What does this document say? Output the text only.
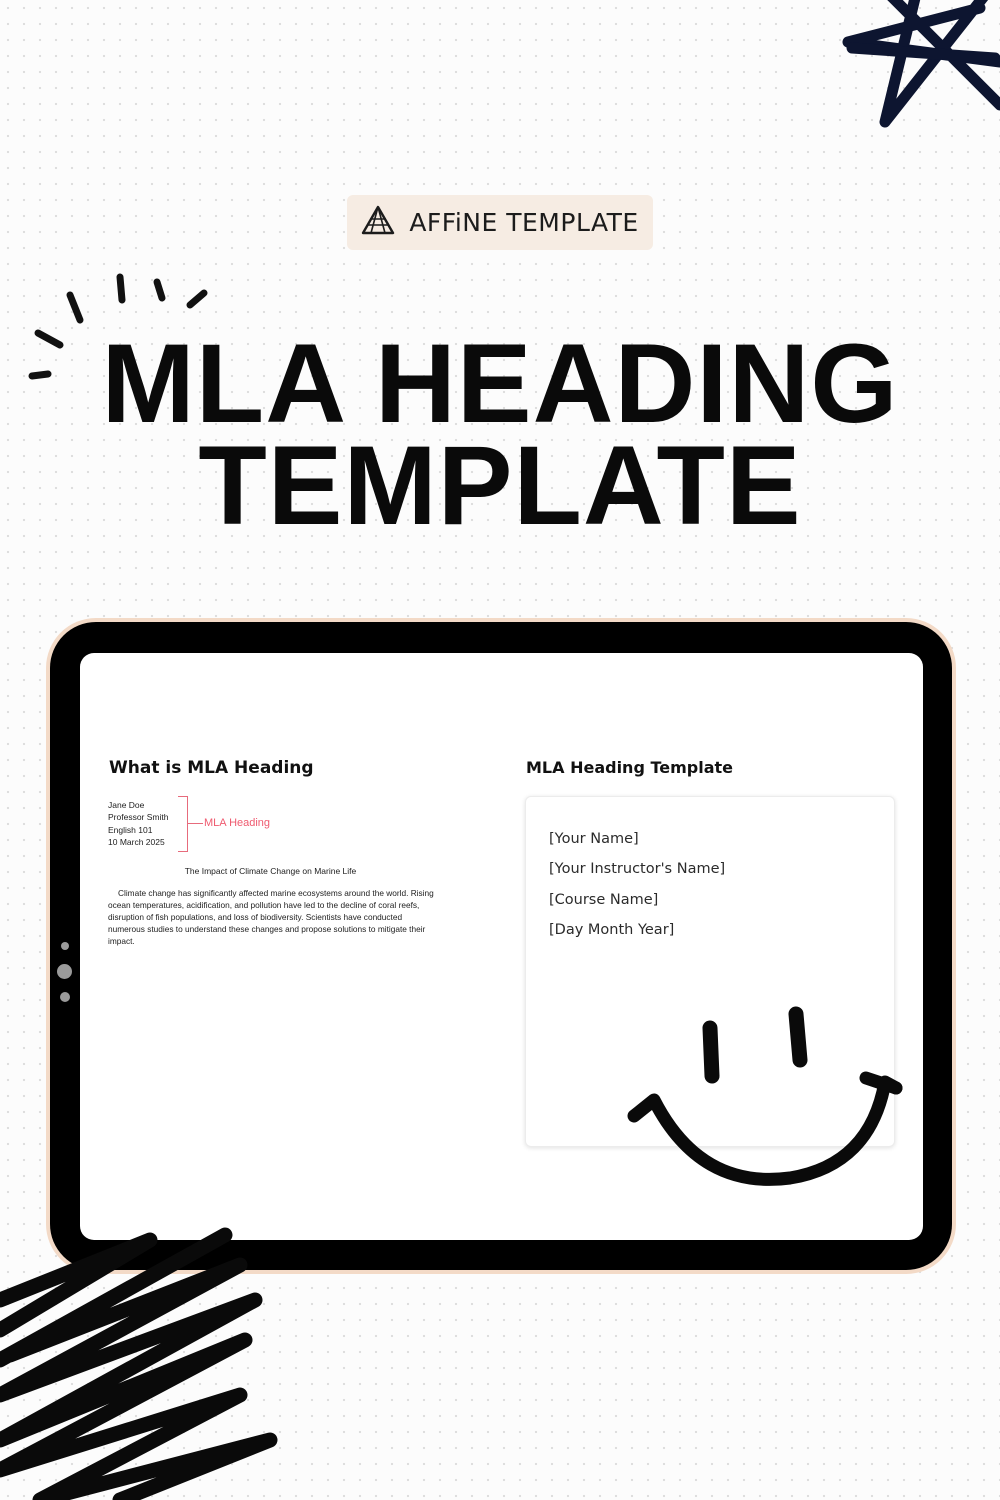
AFFiNE TEMPLATE
MLA HEADING
TEMPLATE
What is MLA Heading
Jane Doe
Professor Smith
English 101
10 March 2025
MLA Heading
The Impact of Climate Change on Marine Life
Climate change has significantly affected marine ecosystems around the world. Rising ocean temperatures, acidification, and pollution have led to the decline of coral reefs, disruption of fish populations, and loss of biodiversity. Scientists have conducted numerous studies to understand these changes and propose solutions to mitigate their impact.
MLA Heading Template
[Your Name]
[Your Instructor's Name]
[Course Name]
[Day Month Year]
